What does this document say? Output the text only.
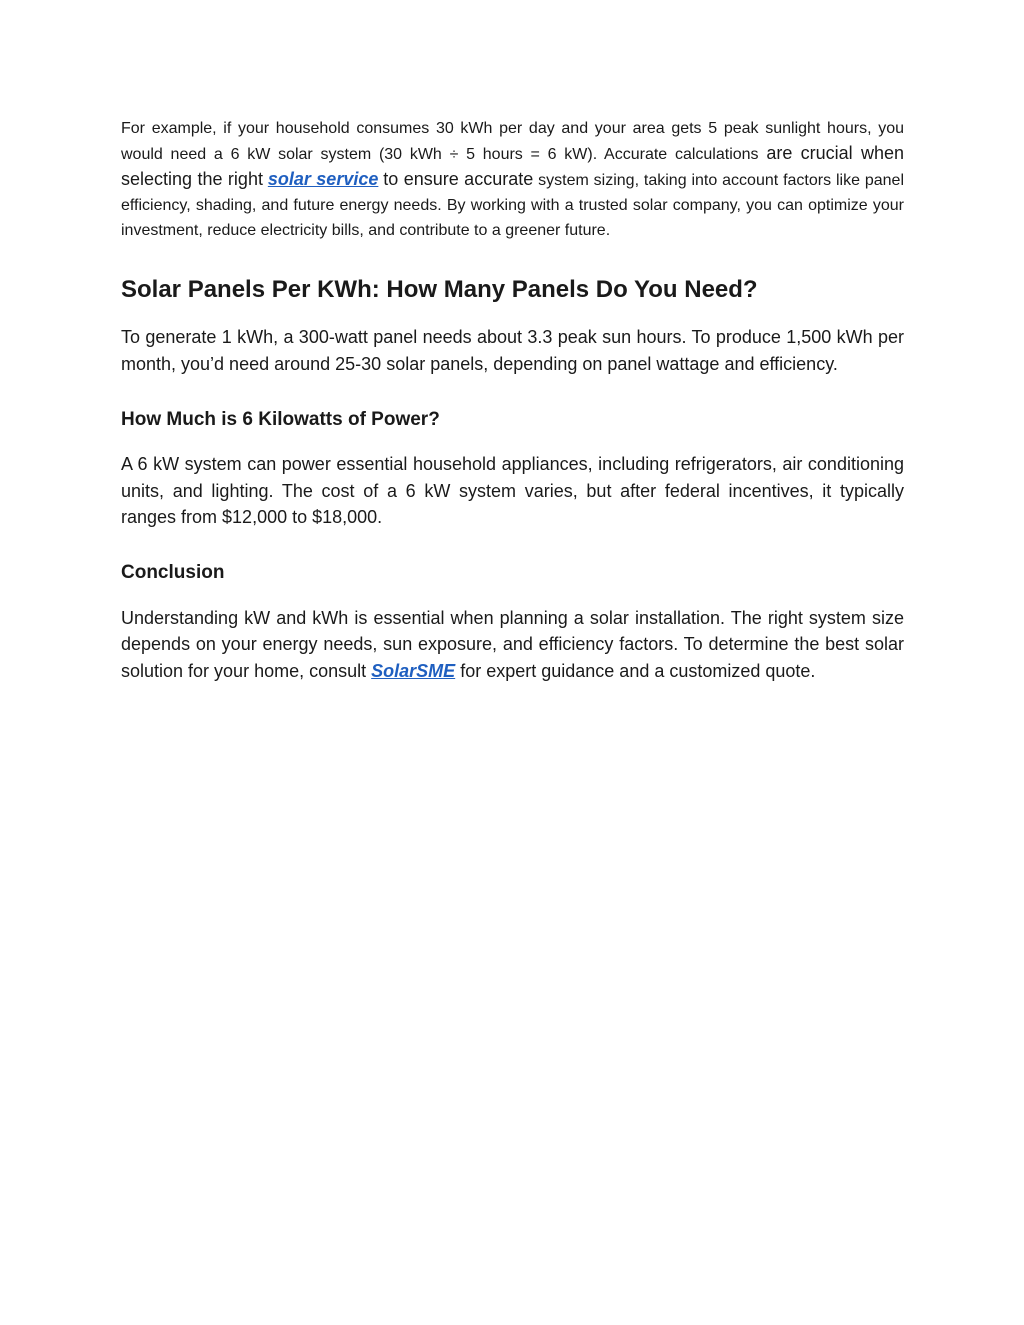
For example, if your household consumes 30 kWh per day and your area gets 5 peak sunlight hours, you would need a 6 kW solar system (30 kWh ÷ 5 hours = 6 kW). Accurate calculations are crucial when selecting the right solar service to ensure accurate system sizing, taking into account factors like panel efficiency, shading, and future energy needs. By working with a trusted solar company, you can optimize your investment, reduce electricity bills, and contribute to a greener future.

Solar Panels Per KWh: How Many Panels Do You Need?

To generate 1 kWh, a 300-watt panel needs about 3.3 peak sun hours. To produce 1,500 kWh per month, you’d need around 25-30 solar panels, depending on panel wattage and efficiency.

How Much is 6 Kilowatts of Power?

A 6 kW system can power essential household appliances, including refrigerators, air conditioning units, and lighting. The cost of a 6 kW system varies, but after federal incentives, it typically ranges from $12,000 to $18,000.

Conclusion

Understanding kW and kWh is essential when planning a solar installation. The right system size depends on your energy needs, sun exposure, and efficiency factors. To determine the best solar solution for your home, consult SolarSME for expert guidance and a customized quote.
